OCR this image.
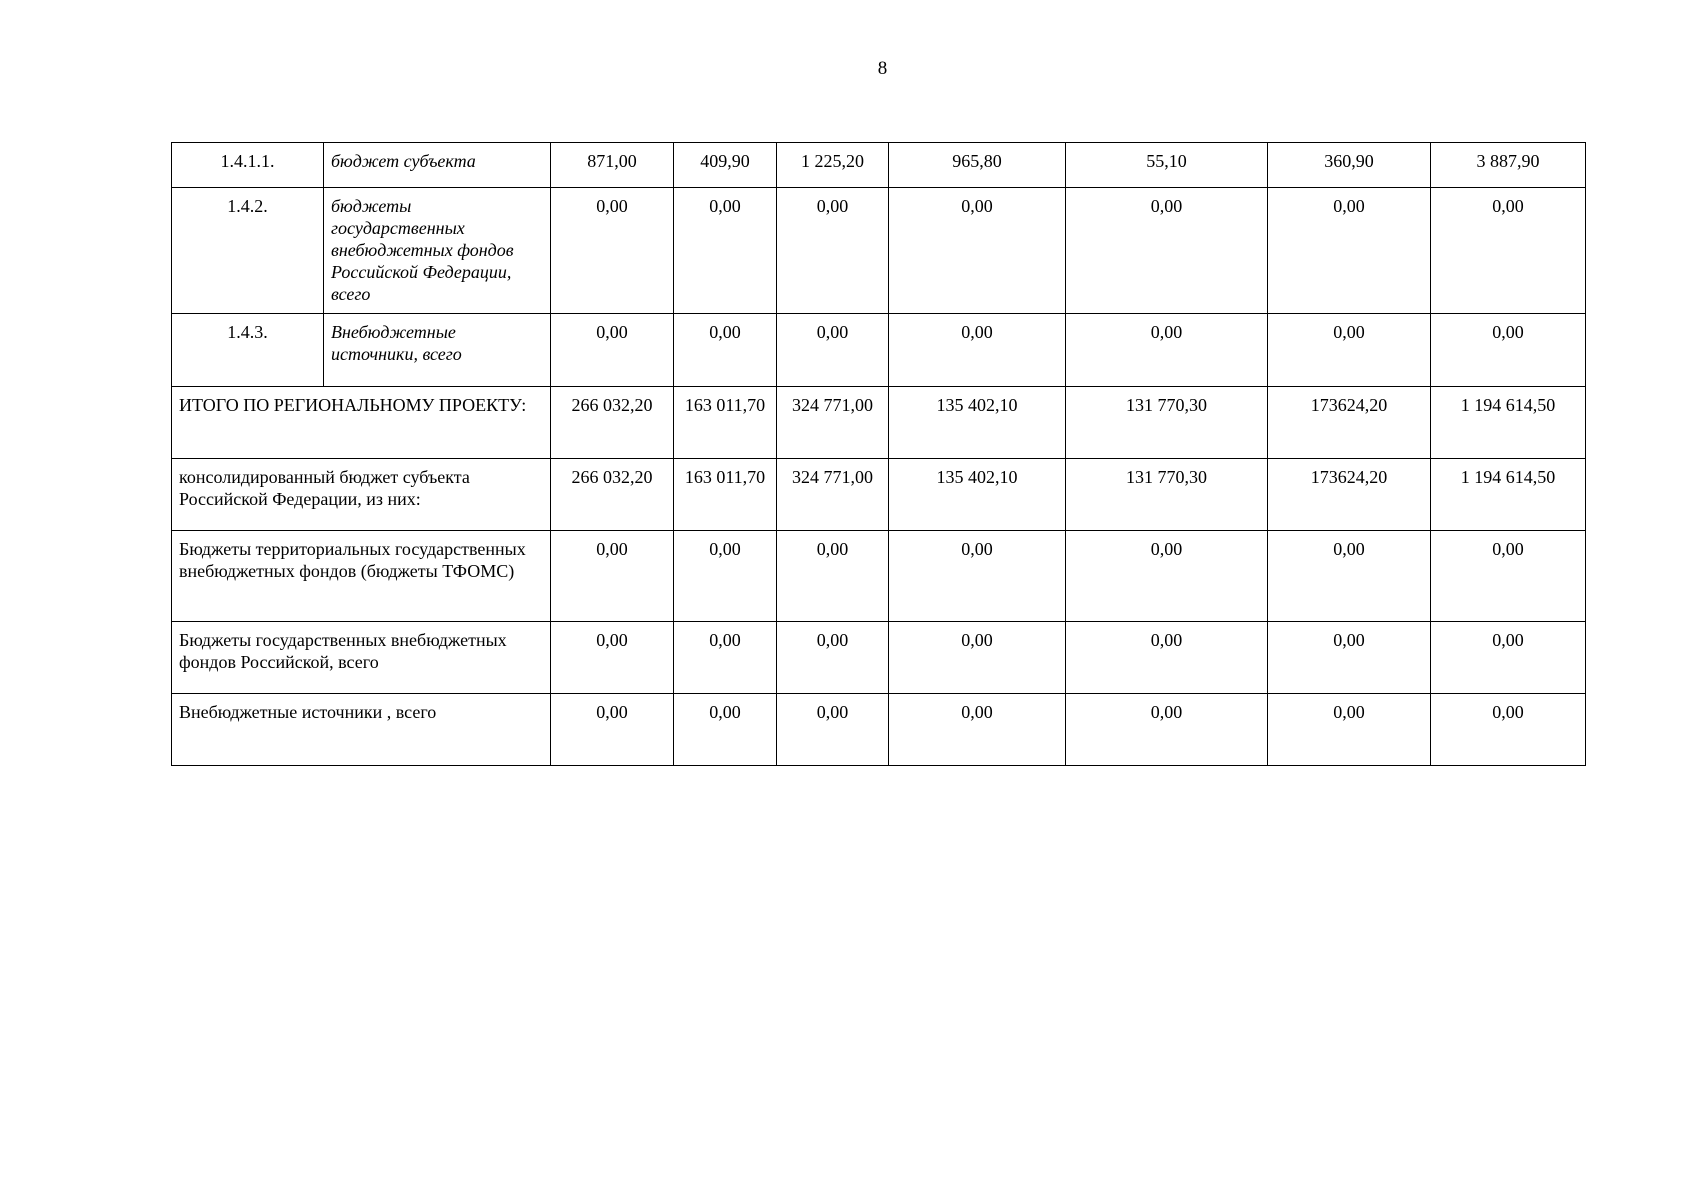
8
1.4.1.1.	бюджет субъекта	871,00	409,90	1 225,20	965,80	55,10	360,90	3 887,90
1.4.2.	бюджеты государственных внебюджетных фондов Российской Федерации, всего	0,00	0,00	0,00	0,00	0,00	0,00	0,00
1.4.3.	Внебюджетные источники, всего	0,00	0,00	0,00	0,00	0,00	0,00	0,00
ИТОГО ПО РЕГИОНАЛЬНОМУ ПРОЕКТУ:		266 032,20	163 011,70	324 771,00	135 402,10	131 770,30	173624,20	1 194 614,50
консолидированный бюджет субъекта Российской Федерации, из них:		266 032,20	163 011,70	324 771,00	135 402,10	131 770,30	173624,20	1 194 614,50
Бюджеты территориальных государственных внебюджетных фондов (бюджеты ТФОМС)		0,00	0,00	0,00	0,00	0,00	0,00	0,00
Бюджеты государственных внебюджетных фондов Российской, всего		0,00	0,00	0,00	0,00	0,00	0,00	0,00
Внебюджетные источники , всего		0,00	0,00	0,00	0,00	0,00	0,00	0,00
